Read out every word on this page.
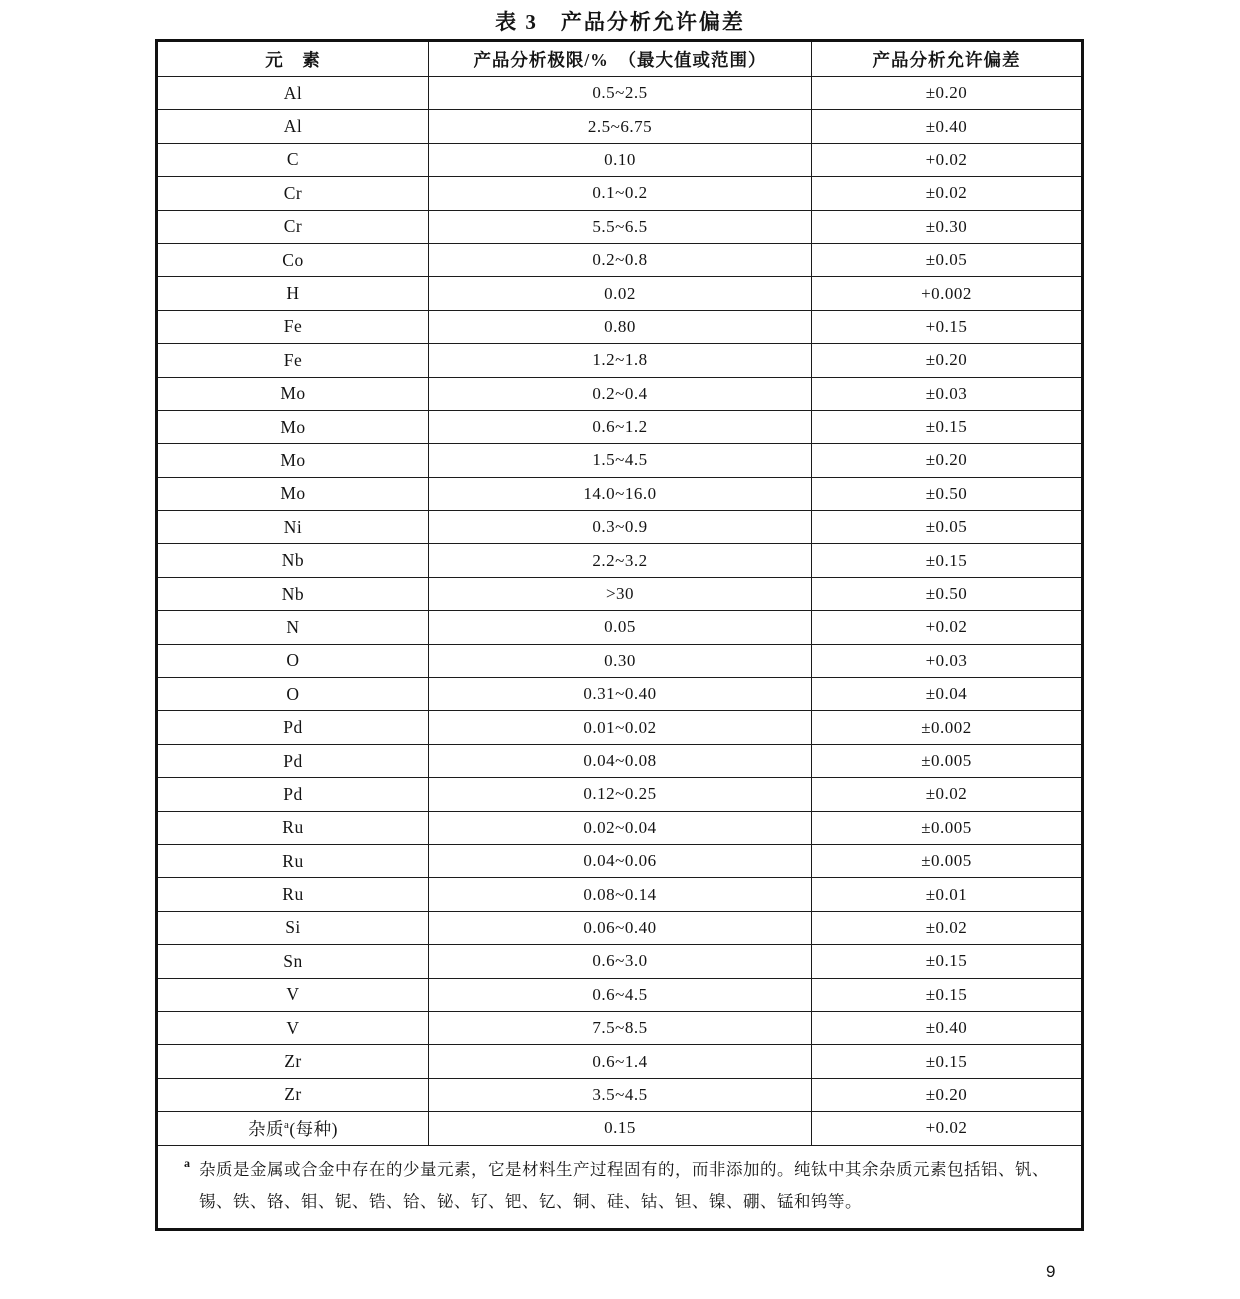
表 3　产品分析允许偏差
元　素	产品分析极限/%　（最大值或范围）	产品分析允许偏差
Al	0.5~2.5	±0.20
Al	2.5~6.75	±0.40
C	0.10	+0.02
Cr	0.1~0.2	±0.02
Cr	5.5~6.5	±0.30
Co	0.2~0.8	±0.05
H	0.02	+0.002
Fe	0.80	+0.15
Fe	1.2~1.8	±0.20
Mo	0.2~0.4	±0.03
Mo	0.6~1.2	±0.15
Mo	1.5~4.5	±0.20
Mo	14.0~16.0	±0.50
Ni	0.3~0.9	±0.05
Nb	2.2~3.2	±0.15
Nb	>30	±0.50
N	0.05	+0.02
O	0.30	+0.03
O	0.31~0.40	±0.04
Pd	0.01~0.02	±0.002
Pd	0.04~0.08	±0.005
Pd	0.12~0.25	±0.02
Ru	0.02~0.04	±0.005
Ru	0.04~0.06	±0.005
Ru	0.08~0.14	±0.01
Si	0.06~0.40	±0.02
Sn	0.6~3.0	±0.15
V	0.6~4.5	±0.15
V	7.5~8.5	±0.40
Zr	0.6~1.4	±0.15
Zr	3.5~4.5	±0.20
杂质$^a$(每种)	0.15	+0.02

a 杂质是金属或合金中存在的少量元素，它是材料生产过程固有的，而非添加的。纯钛中其余杂质元素包括铝、钒、锡、铁、铬、钼、铌、锆、铪、铋、钌、钯、钇、铜、硅、钴、钽、镍、硼、锰和钨等。		
9
